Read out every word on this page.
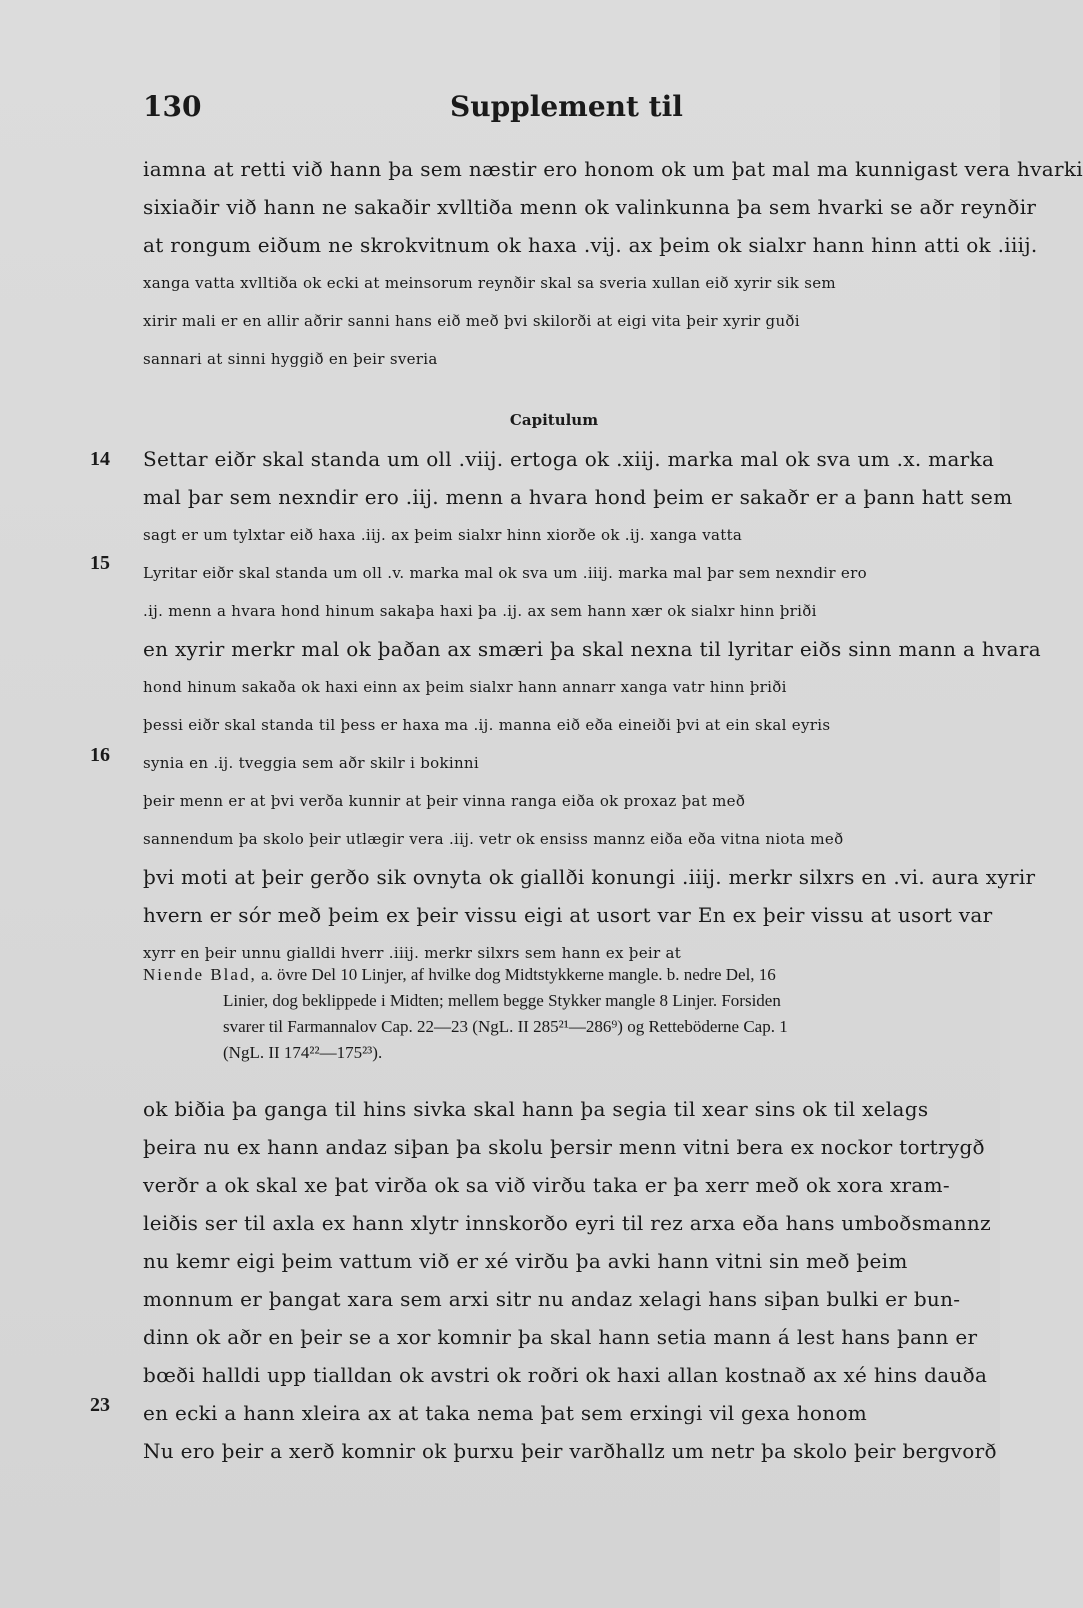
130	Supplement til
iamna at retti við hann þa sem næstir ero honom ok um þat mal ma kunnigast vera hvarki
sixiaðir við hann ne sakaðir xvlltiða menn ok valinkunna þa sem hvarki se aðr reynðir
at rongum eiðum ne skrokvitnum ok haxa .vij. ax þeim ok sialxr hann hinn atti ok .iiij.
xanga vatta xvlltiða ok ecki at meinsorum reynðir skal sa sveria xullan eið xyrir sik sem
xirir mali er en allir aðrir sanni hans eið með þvi skilorði at eigi vita þeir xyrir guði
sannari at sinni hyggið en þeir sveria
Capitulum
Settar eiðr skal standa um oll .viij. ertoga ok .xiij. marka mal ok sva um .x. marka
mal þar sem nexndir ero .iij. menn a hvara hond þeim er sakaðr er a þann hatt sem
sagt er um tylxtar eið haxa .iij. ax þeim sialxr hinn xiorðe ok .ij. xanga vatta
Lyritar eiðr skal standa um oll .v. marka mal ok sva um .iiij. marka mal þar sem nexndir ero
.ij. menn a hvara hond hinum sakaþa haxi þa .ij. ax sem hann xær ok sialxr hinn þriði
en xyrir merkr mal ok þaðan ax smæri þa skal nexna til lyritar eiðs sinn mann a hvara
hond hinum sakaða ok haxi einn ax þeim sialxr hann annarr xanga vatr hinn þriði
þessi eiðr skal standa til þess er haxa ma .ij. manna eið eða eineiði þvi at ein skal eyris
synia en .ij. tveggia sem aðr skilr i bokinni
þeir menn er at þvi verða kunnir at þeir vinna ranga eiða ok proxaz þat með
sannendum þa skolo þeir utlægir vera .iij. vetr ok ensiss mannz eiða eða vitna niota með
þvi moti at þeir gerðo sik ovnyta ok giallði konungi .iiij. merkr silxrs en .vi. aura xyrir
hvern er sór með þeim ex þeir vissu eigi at usort var En ex þeir vissu at usort var
xyrr en þeir unnu gialldi hverr .iiij. merkr silxrs sem hann ex þeir at
14
15
16
23
Niende Blad, a. övre Del 10 Linjer, af hvilke dog Midtstykkerne mangle. b. nedre Del, 16
Linier, dog beklippede i Midten; mellem begge Stykker mangle 8 Linjer. Forsiden
svarer til Farmannalov Cap. 22—23 (NgL. II 285²¹—286⁹) og Retteböderne Cap. 1
(NgL. II 174²²—175²³).
ok biðia þa ganga til hins sivka skal hann þa segia til xear sins ok til xelags
þeira nu ex hann andaz siþan þa skolu þersir menn vitni bera ex nockor tortrygð
verðr a ok skal xe þat virða ok sa við virðu taka er þa xerr með ok xora xram-
leiðis ser til axla ex hann xlytr innskorðo eyri til rez arxa eða hans umboðsmannz
nu kemr eigi þeim vattum við er xé virðu þa avki hann vitni sin með þeim
monnum er þangat xara sem arxi sitr nu andaz xelagi hans siþan bulki er bun-
dinn ok aðr en þeir se a xor komnir þa skal hann setia mann á lest hans þann er
bœði halldi upp tialldan ok avstri ok roðri ok haxi allan kostnað ax xé hins dauða
en ecki a hann xleira ax at taka nema þat sem erxingi vil gexa honom
Nu ero þeir a xerð komnir ok þurxu þeir varðhallz um netr þa skolo þeir bergvorð
